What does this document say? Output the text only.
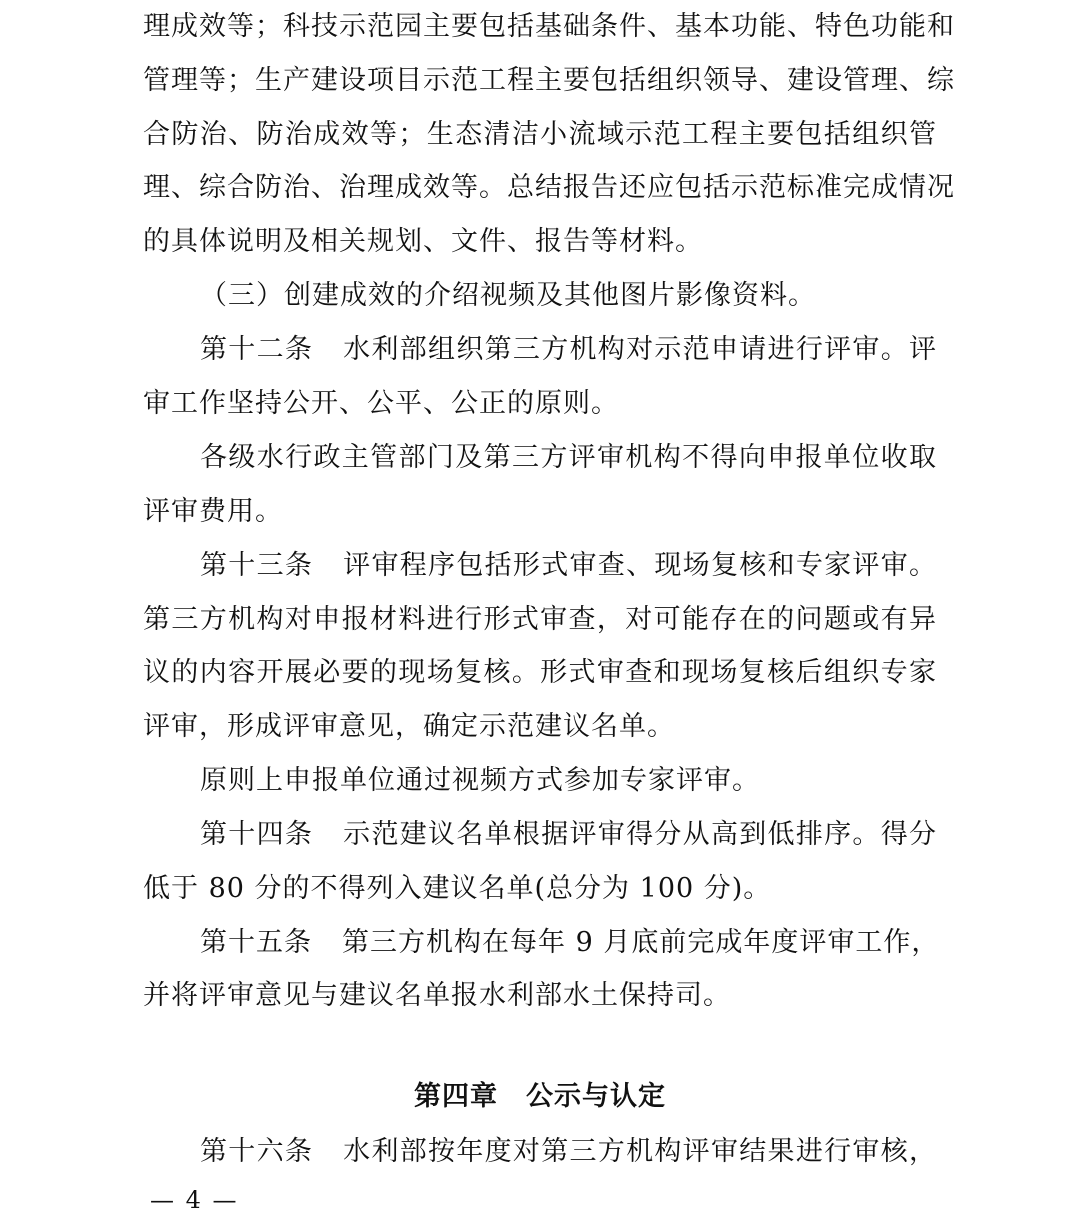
理成效等；科技示范园主要包括基础条件、基本功能、特色功能和
管理等；生产建设项目示范工程主要包括组织领导、建设管理、综
合防治、防治成效等；生态清洁小流域示范工程主要包括组织管
理、综合防治、治理成效等。总结报告还应包括示范标准完成情况
的具体说明及相关规划、文件、报告等材料。
（三）创建成效的介绍视频及其他图片影像资料。
第十二条 水利部组织第三方机构对示范申请进行评审。评
审工作坚持公开、公平、公正的原则。
各级水行政主管部门及第三方评审机构不得向申报单位收取
评审费用。
第十三条 评审程序包括形式审查、现场复核和专家评审。
第三方机构对申报材料进行形式审查，对可能存在的问题或有异
议的内容开展必要的现场复核。形式审查和现场复核后组织专家
评审，形成评审意见，确定示范建议名单。
原则上申报单位通过视频方式参加专家评审。
第十四条 示范建议名单根据评审得分从高到低排序。得分
低于 80 分的不得列入建议名单(总分为 100 分)。
第十五条 第三方机构在每年 9 月底前完成年度评审工作，
并将评审意见与建议名单报水利部水土保持司。
第四章 公示与认定
第十六条 水利部按年度对第三方机构评审结果进行审核，
— 4 —
